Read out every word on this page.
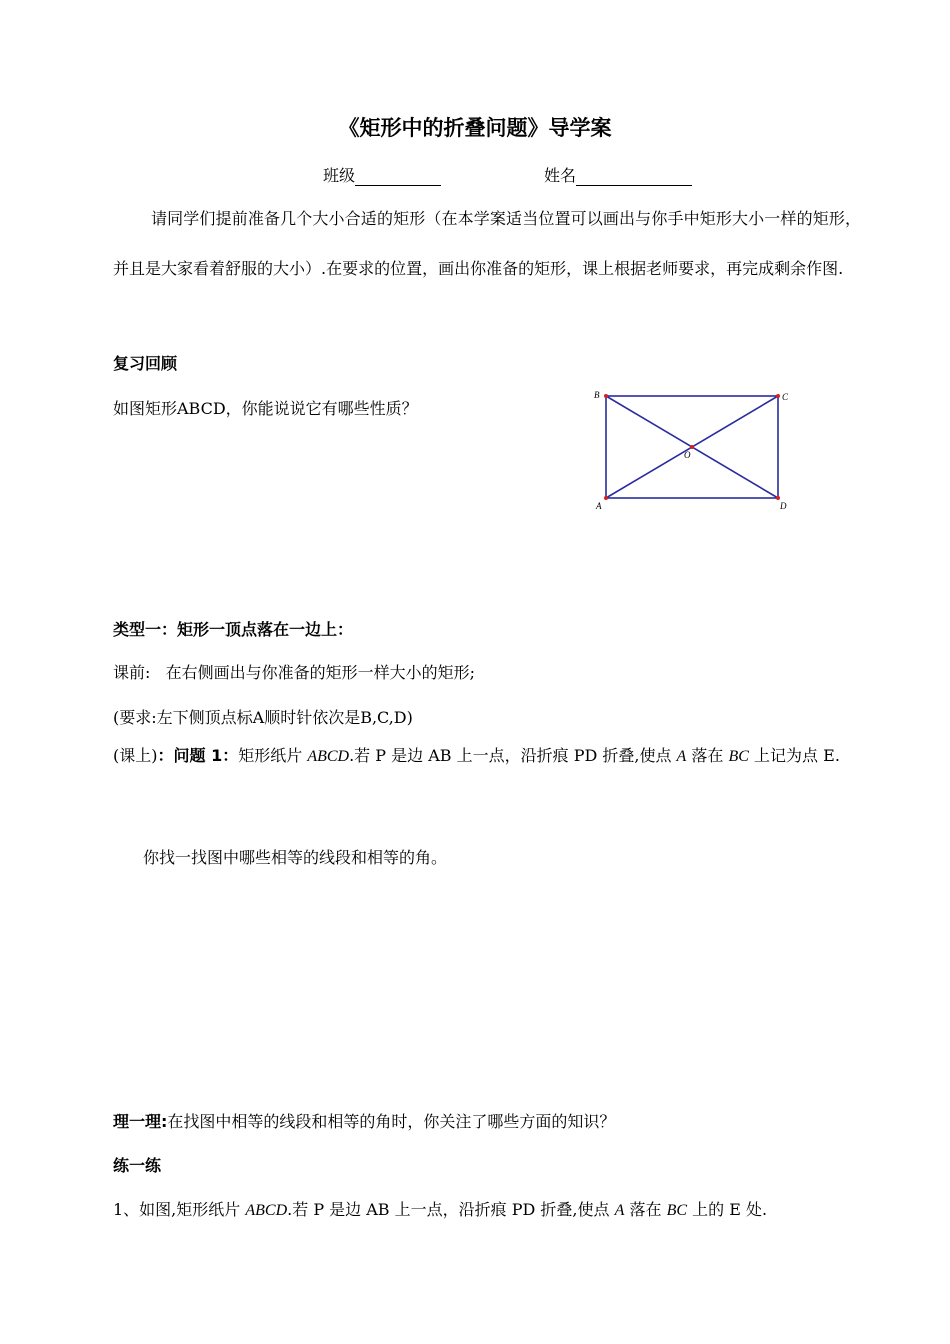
《矩形中的折叠问题》导学案
班级	姓名
请同学们提前准备几个大小合适的矩形（在本学案适当位置可以画出与你手中矩形大小一样的矩形，并且是大家看着舒服的大小）.在要求的位置，画出你准备的矩形，课上根据老师要求，再完成剩余作图.
复习回顾
如图矩形ABCD，你能说说它有哪些性质？
B	C
O
A	D
类型一：矩形一顶点落在一边上：
课前:   在右侧画出与你准备的矩形一样大小的矩形;
(要求:左下侧顶点标A顺时针依次是B,C,D)
(课上)：问题 1：矩形纸片 ABCD.若 P 是边 AB 上一点，沿折痕 PD 折叠,使点 A 落在 BC 上记为点 E.
你找一找图中哪些相等的线段和相等的角。
理一理:在找图中相等的线段和相等的角时，你关注了哪些方面的知识？
练一练
1、如图,矩形纸片 ABCD.若 P 是边 AB 上一点，沿折痕 PD 折叠,使点 A 落在 BC 上的 E 处.
